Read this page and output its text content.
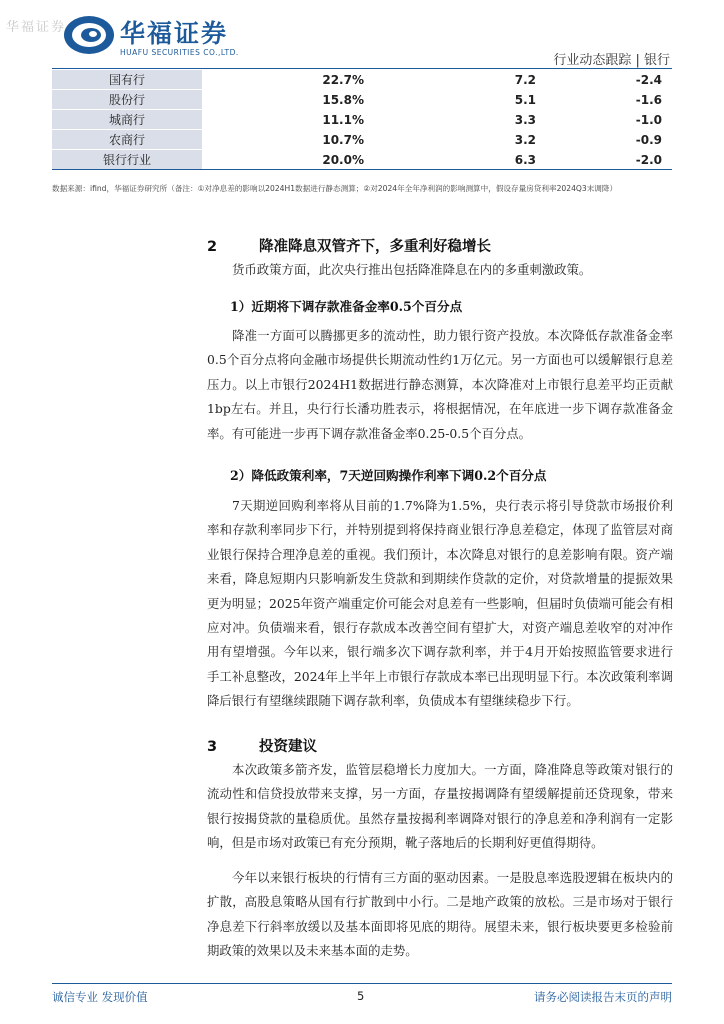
华福证券 华福证券
HUAFU SECURITIES CO.,LTD.
行业动态跟踪 | 银行
国有行	22.7%	7.2	-2.4
股份行	15.8%	5.1	-1.6
城商行	11.1%	3.3	-1.0
农商行	10.7%	3.2	-0.9
银行行业	20.0%	6.3	-2.0
数据来源：ifind，华福证券研究所（备注：①对净息差的影响以2024H1数据进行静态测算；②对2024年全年净利润的影响测算中，假设存量房贷利率2024Q3末调降）
2	降准降息双管齐下，多重利好稳增长
货币政策方面，此次央行推出包括降准降息在内的多重刺激政策。
1）近期将下调存款准备金率0.5个百分点
降准一方面可以腾挪更多的流动性，助力银行资产投放。本次降低存款准备金率0.5个百分点将向金融市场提供长期流动性约1万亿元。另一方面也可以缓解银行息差压力。以上市银行2024H1数据进行静态测算，本次降准对上市银行息差平均正贡献1bp左右。并且，央行行长潘功胜表示，将根据情况，在年底进一步下调存款准备金率。有可能进一步再下调存款准备金率0.25-0.5个百分点。
2）降低政策利率，7天逆回购操作利率下调0.2个百分点
7天期逆回购利率将从目前的1.7%降为1.5%，央行表示将引导贷款市场报价利率和存款利率同步下行，并特别提到将保持商业银行净息差稳定，体现了监管层对商业银行保持合理净息差的重视。我们预计，本次降息对银行的息差影响有限。资产端来看，降息短期内只影响新发生贷款和到期续作贷款的定价，对贷款增量的提振效果更为明显；2025年资产端重定价可能会对息差有一些影响，但届时负债端可能会有相应对冲。负债端来看，银行存款成本改善空间有望扩大，对资产端息差收窄的对冲作用有望增强。今年以来，银行端多次下调存款利率，并于4月开始按照监管要求进行手工补息整改，2024年上半年上市银行存款成本率已出现明显下行。本次政策利率调降后银行有望继续跟随下调存款利率，负债成本有望继续稳步下行。
3	投资建议
本次政策多箭齐发，监管层稳增长力度加大。一方面，降准降息等政策对银行的流动性和信贷投放带来支撑，另一方面，存量按揭调降有望缓解提前还贷现象，带来银行按揭贷款的量稳质优。虽然存量按揭利率调降对银行的净息差和净利润有一定影响，但是市场对政策已有充分预期，靴子落地后的长期利好更值得期待。
今年以来银行板块的行情有三方面的驱动因素。一是股息率选股逻辑在板块内的扩散，高股息策略从国有行扩散到中小行。二是地产政策的放松。三是市场对于银行净息差下行斜率放缓以及基本面即将见底的期待。展望未来，银行板块要更多检验前期政策的效果以及未来基本面的走势。
诚信专业 发现价值	5	请务必阅读报告末页的声明
